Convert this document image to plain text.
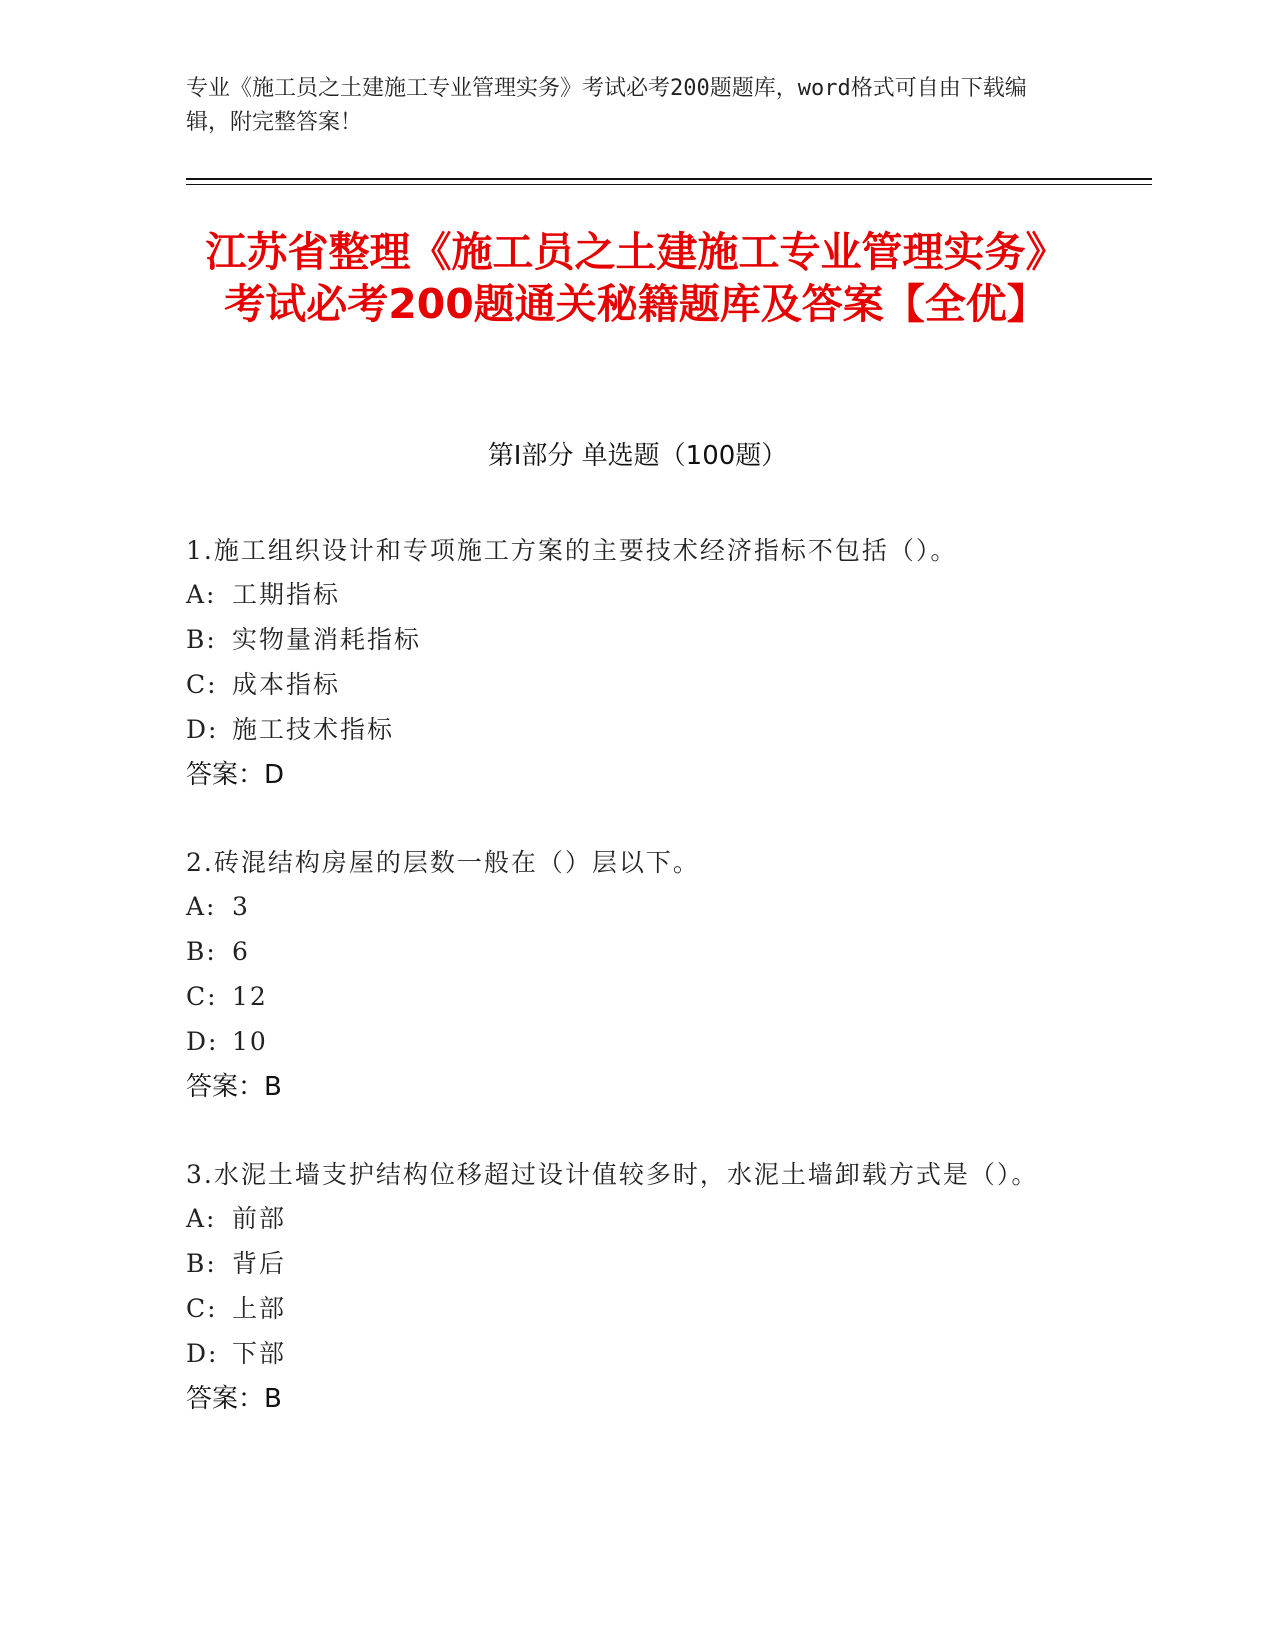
专业《施工员之土建施工专业管理实务》考试必考200题题库，word格式可自由下载编辑，附完整答案！
江苏省整理《施工员之土建施工专业管理实务》考试必考200题通关秘籍题库及答案【全优】
第Ⅰ部分 单选题（100题）
1.施工组织设计和专项施工方案的主要技术经济指标不包括（）。
A: 工期指标
B: 实物量消耗指标
C: 成本指标
D: 施工技术指标
答案：D
2.砖混结构房屋的层数一般在（）层以下。
A: 3
B: 6
C: 12
D: 10
答案：B
3.水泥土墙支护结构位移超过设计值较多时，水泥土墙卸载方式是（）。
A: 前部
B: 背后
C: 上部
D: 下部
答案：B
